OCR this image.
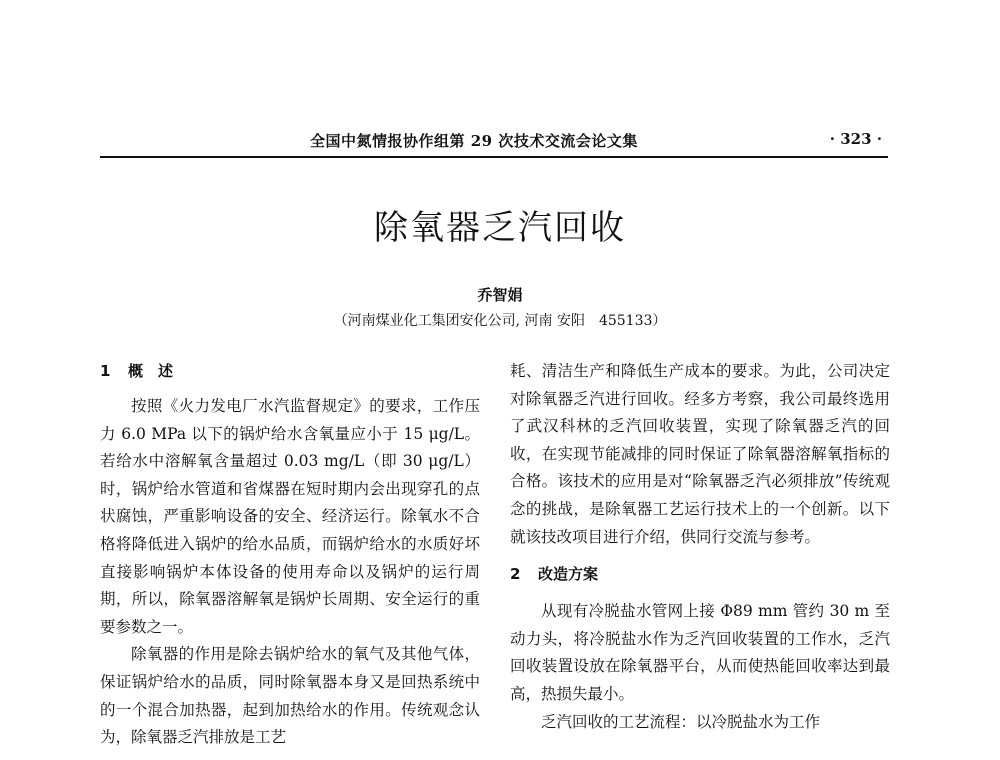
全国中氮情报协作组第 29 次技术交流会论文集	· 323 ·
除氧器乏汽回收
乔智娟
（河南煤业化工集团安化公司, 河南 安阳　455133）
1 概　述

按照《火力发电厂水汽监督规定》的要求，工作压力 6.0 MPa 以下的锅炉给水含氧量应小于 15 μg/L。若给水中溶解氧含量超过 0.03 mg/L（即 30 μg/L）时，锅炉给水管道和省煤器在短时期内会出现穿孔的点状腐蚀，严重影响设备的安全、经济运行。除氧水不合格将降低进入锅炉的给水品质，而锅炉给水的水质好坏直接影响锅炉本体设备的使用寿命以及锅炉的运行周期，所以，除氧器溶解氧是锅炉长周期、安全运行的重要参数之一。

除氧器的作用是除去锅炉给水的氧气及其他气体，保证锅炉给水的品质，同时除氧器本身又是回热系统中的一个混合加热器，起到加热给水的作用。传统观念认为，除氧器乏汽排放是工艺

耗、清洁生产和降低生产成本的要求。为此，公司决定对除氧器乏汽进行回收。经多方考察，我公司最终选用了武汉科林的乏汽回收装置，实现了除氧器乏汽的回收，在实现节能减排的同时保证了除氧器溶解氧指标的合格。该技术的应用是对“除氧器乏汽必须排放”传统观念的挑战，是除氧器工艺运行技术上的一个创新。以下就该技改项目进行介绍，供同行交流与参考。

2 改造方案

从现有冷脱盐水管网上接 Φ89 mm 管约 30 m 至动力头，将冷脱盐水作为乏汽回收装置的工作水，乏汽回收装置设放在除氧器平台，从而使热能回收率达到最高，热损失最小。

乏汽回收的工艺流程：以冷脱盐水为工作
